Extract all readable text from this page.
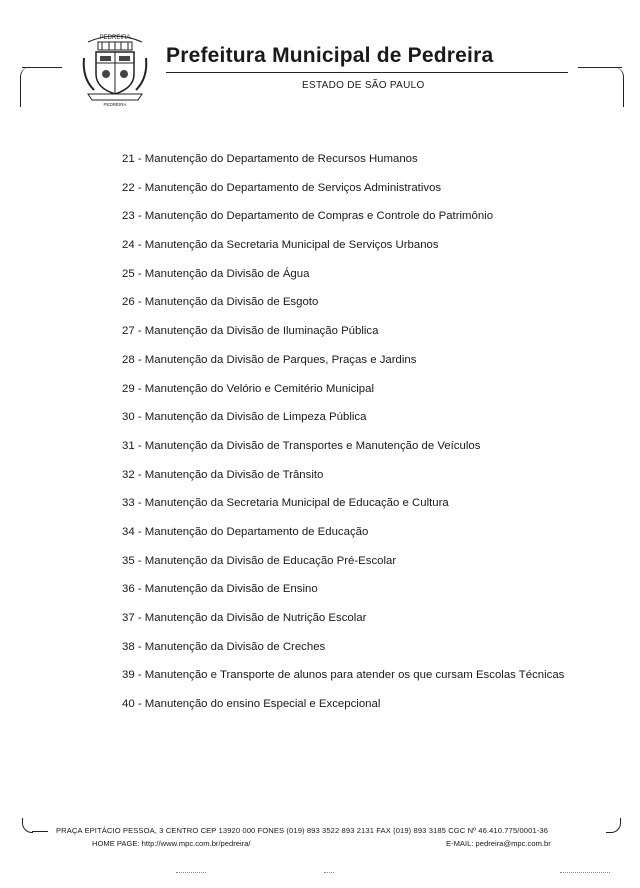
PEDREIRA
PEDREIRA
Prefeitura Municipal de Pedreira
ESTADO DE SÃO PAULO
21 - Manutenção do Departamento de Recursos Humanos
22 - Manutenção do Departamento de Serviços Administrativos
23 - Manutenção do Departamento de Compras e Controle do Patrimônio
24 - Manutenção da Secretaria Municipal de Serviços Urbanos
25 - Manutenção da Divisão de Água
26 - Manutenção da Divisão de Esgoto
27 - Manutenção da Divisão de Iluminação Pública
28 - Manutenção da Divisão de Parques, Praças e Jardins
29 - Manutenção do Velório e Cemitério Municipal
30 - Manutenção da Divisão de Limpeza Pública
31 - Manutenção da Divisão de Transportes e Manutenção de Veículos
32 - Manutenção da Divisão de Trânsito
33 - Manutenção da Secretaria Municipal de Educação e Cultura
34 - Manutenção do Departamento de Educação
35 - Manutenção da Divisão de Educação Pré-Escolar
36 - Manutenção da Divisão de Ensino
37 - Manutenção da Divisão de Nutrição Escolar
38 - Manutenção da Divisão de Creches
39 - Manutenção e Transporte de alunos para atender os que cursam Escolas Técnicas
40 - Manutenção do ensino Especial e Excepcional
PRAÇA EPITÁCIO PESSOA, 3 CENTRO CEP 13920 000 FONES (019) 893 3522 893 2131 FAX (019) 893 3185 CGC Nº 46.410.775/0001-36
HOME PAGE: http://www.mpc.com.br/pedreira/	E-MAIL: pedreira@mpc.com.br
